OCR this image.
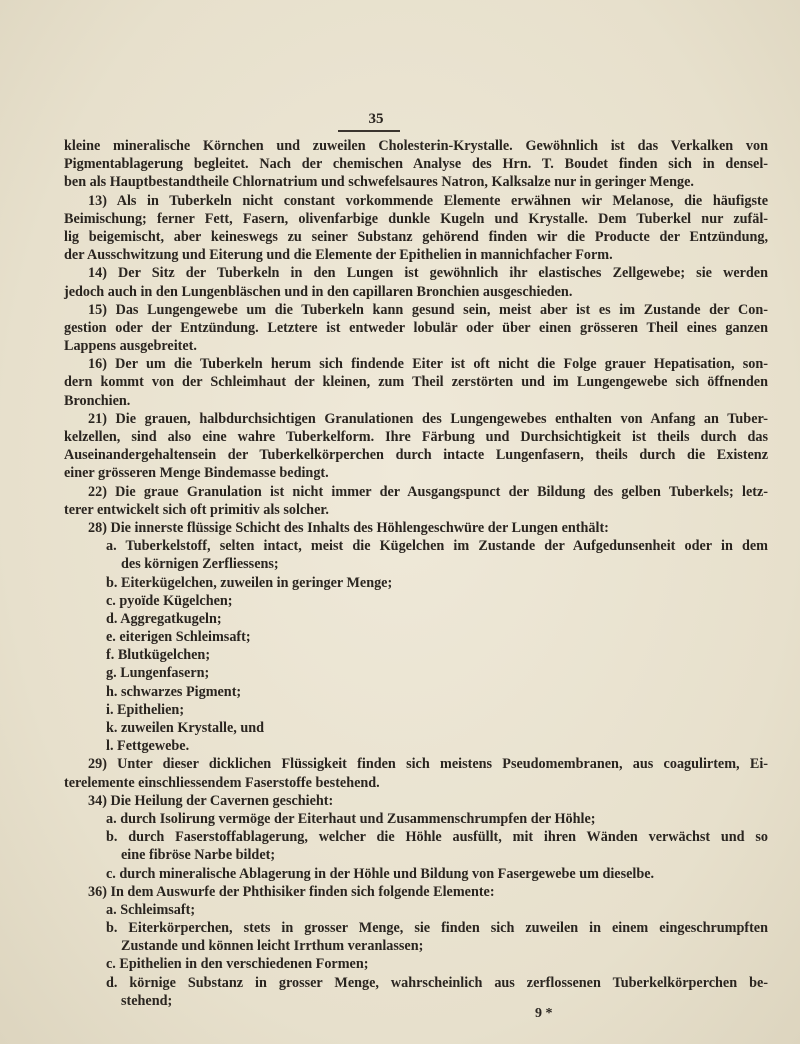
35
kleine mineralische Körnchen und zuweilen Cholesterin-Krystalle. Gewöhnlich ist das Verkalken von
Pigmentablagerung begleitet. Nach der chemischen Analyse des Hrn. T. Boudet finden sich in densel-
ben als Hauptbestandtheile Chlornatrium und schwefelsaures Natron, Kalksalze nur in geringer Menge.
13) Als in Tuberkeln nicht constant vorkommende Elemente erwähnen wir Melanose, die häufigste
Beimischung; ferner Fett, Fasern, olivenfarbige dunkle Kugeln und Krystalle. Dem Tuberkel nur zufäl-
lig beigemischt, aber keineswegs zu seiner Substanz gehörend finden wir die Producte der Entzündung,
der Ausschwitzung und Eiterung und die Elemente der Epithelien in mannichfacher Form.
14) Der Sitz der Tuberkeln in den Lungen ist gewöhnlich ihr elastisches Zellgewebe; sie werden
jedoch auch in den Lungenbläschen und in den capillaren Bronchien ausgeschieden.
15) Das Lungengewebe um die Tuberkeln kann gesund sein, meist aber ist es im Zustande der Con-
gestion oder der Entzündung. Letztere ist entweder lobulär oder über einen grösseren Theil eines ganzen
Lappens ausgebreitet.
16) Der um die Tuberkeln herum sich findende Eiter ist oft nicht die Folge grauer Hepatisation, son-
dern kommt von der Schleimhaut der kleinen, zum Theil zerstörten und im Lungengewebe sich öffnenden
Bronchien.
21) Die grauen, halbdurchsichtigen Granulationen des Lungengewebes enthalten von Anfang an Tuber-
kelzellen, sind also eine wahre Tuberkelform. Ihre Färbung und Durchsichtigkeit ist theils durch das
Auseinandergehaltensein der Tuberkelkörperchen durch intacte Lungenfasern, theils durch die Existenz
einer grösseren Menge Bindemasse bedingt.
22) Die graue Granulation ist nicht immer der Ausgangspunct der Bildung des gelben Tuberkels; letz-
terer entwickelt sich oft primitiv als solcher.
28) Die innerste flüssige Schicht des Inhalts des Höhlengeschwüre der Lungen enthält:
a. Tuberkelstoff, selten intact, meist die Kügelchen im Zustande der Aufgedunsenheit oder in dem
des körnigen Zerfliessens;
b. Eiterkügelchen, zuweilen in geringer Menge;
c. pyoïde Kügelchen;
d. Aggregatkugeln;
e. eiterigen Schleimsaft;
f. Blutkügelchen;
g. Lungenfasern;
h. schwarzes Pigment;
i. Epithelien;
k. zuweilen Krystalle, und
l. Fettgewebe.
29) Unter dieser dicklichen Flüssigkeit finden sich meistens Pseudomembranen, aus coagulirtem, Ei-
terelemente einschliessendem Faserstoffe bestehend.
34) Die Heilung der Cavernen geschieht:
a. durch Isolirung vermöge der Eiterhaut und Zusammenschrumpfen der Höhle;
b. durch Faserstoffablagerung, welcher die Höhle ausfüllt, mit ihren Wänden verwächst und so
eine fibröse Narbe bildet;
c. durch mineralische Ablagerung in der Höhle und Bildung von Fasergewebe um dieselbe.
36) In dem Auswurfe der Phthisiker finden sich folgende Elemente:
a. Schleimsaft;
b. Eiterkörperchen, stets in grosser Menge, sie finden sich zuweilen in einem eingeschrumpften
Zustande und können leicht Irrthum veranlassen;
c. Epithelien in den verschiedenen Formen;
d. körnige Substanz in grosser Menge, wahrscheinlich aus zerflossenen Tuberkelkörperchen be-
stehend;
9 *
